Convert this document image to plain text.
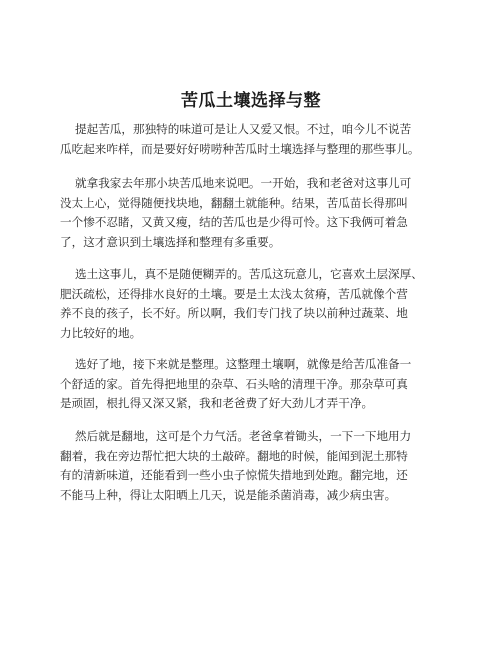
苦瓜土壤选择与整
提起苦瓜，那独特的味道可是让人又爱又恨。不过，咱今儿不说苦
瓜吃起来咋样，而是要好好唠唠种苦瓜时土壤选择与整理的那些事儿。
就拿我家去年那小块苦瓜地来说吧。一开始，我和老爸对这事儿可
没太上心，觉得随便找块地，翻翻土就能种。结果，苦瓜苗长得那叫
一个惨不忍睹，又黄又瘦，结的苦瓜也是少得可怜。这下我俩可着急
了，这才意识到土壤选择和整理有多重要。
选土这事儿，真不是随便糊弄的。苦瓜这玩意儿，它喜欢土层深厚、
肥沃疏松，还得排水良好的土壤。要是土太浅太贫瘠，苦瓜就像个营
养不良的孩子，长不好。所以啊，我们专门找了块以前种过蔬菜、地
力比较好的地。
选好了地，接下来就是整理。这整理土壤啊，就像是给苦瓜准备一
个舒适的家。首先得把地里的杂草、石头啥的清理干净。那杂草可真
是顽固，根扎得又深又紧，我和老爸费了好大劲儿才弄干净。
然后就是翻地，这可是个力气活。老爸拿着锄头，一下一下地用力
翻着，我在旁边帮忙把大块的土敲碎。翻地的时候，能闻到泥土那特
有的清新味道，还能看到一些小虫子惊慌失措地到处跑。翻完地，还
不能马上种，得让太阳晒上几天，说是能杀菌消毒，减少病虫害。
